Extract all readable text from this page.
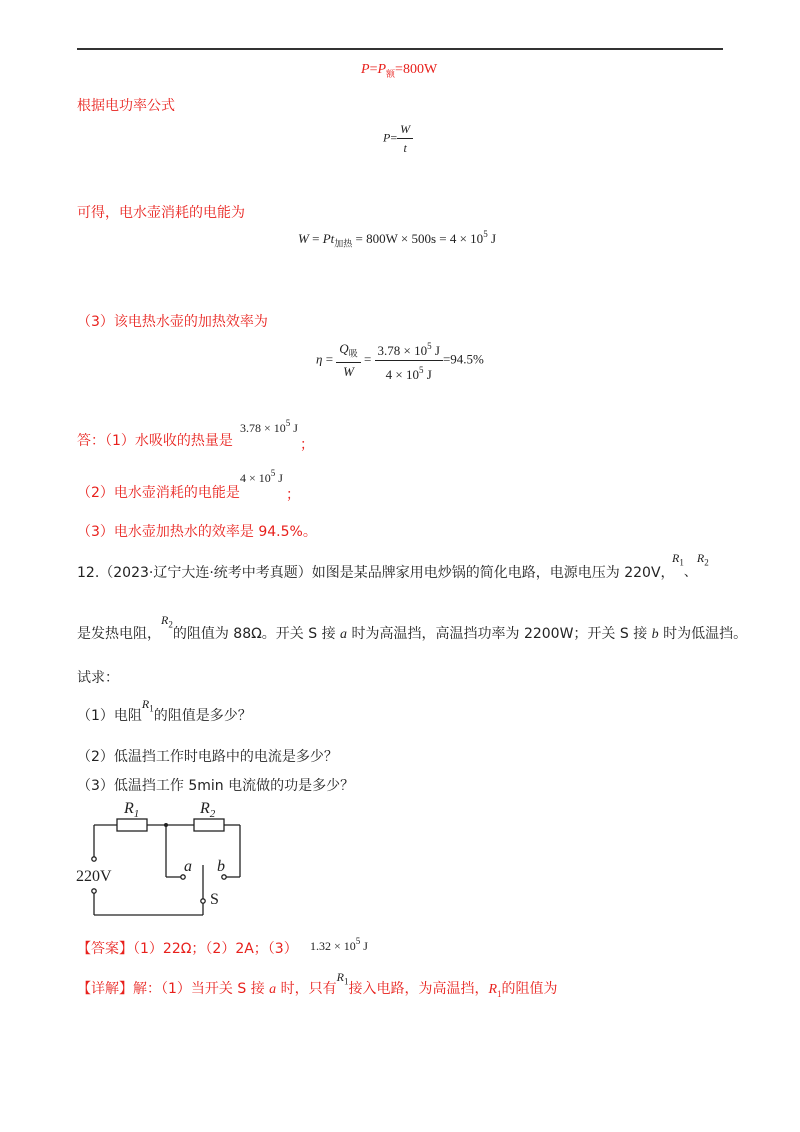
$P=P_额=800W$
根据电功率公式
$P= \frac{W}{t}$
可得，电水壶消耗的电能为
$W = Pt_{加热} = 800W \times 500s = 4 \times 10^5$ J
（3）该电热水壶的加热效率为
$\eta = \frac{Q_吸}{W} = \frac{3.78 \times 10^5 J}{4 \times 10^5 J} =94.5\%$
答：（1）水吸收的热量是
$3.78 \times 10^5$ J
；
（2）电水壶消耗的电能是
$4 \times 10^5$ J
；
（3）电水壶加热水的效率是 94.5%。
12.（2023·辽宁大连·统考中考真题）如图是某品牌家用电炒锅的简化电路，电源电压为 220V，
$R_1$、$R_2$
是发热电阻，$R_2$的阻值为 88Ω。开关 S 接 a 时为高温挡，高温挡功率为 2200W；开关 S 接 b 时为低温挡。
试求：
（1）电阻$R_1$的阻值是多少？
（2）低温挡工作时电路中的电流是多少？
（3）低温挡工作 5min 电流做的功是多少？
$R_1$	$R_2$
220V
a b
S
【答案】（1）22Ω；（2）2A；（3） $1.32 \times 10^5$ J
【详解】解：（1）当开关 S 接 a 时，只有$R_1$接入电路，为高温挡，$R_1$的阻值为
